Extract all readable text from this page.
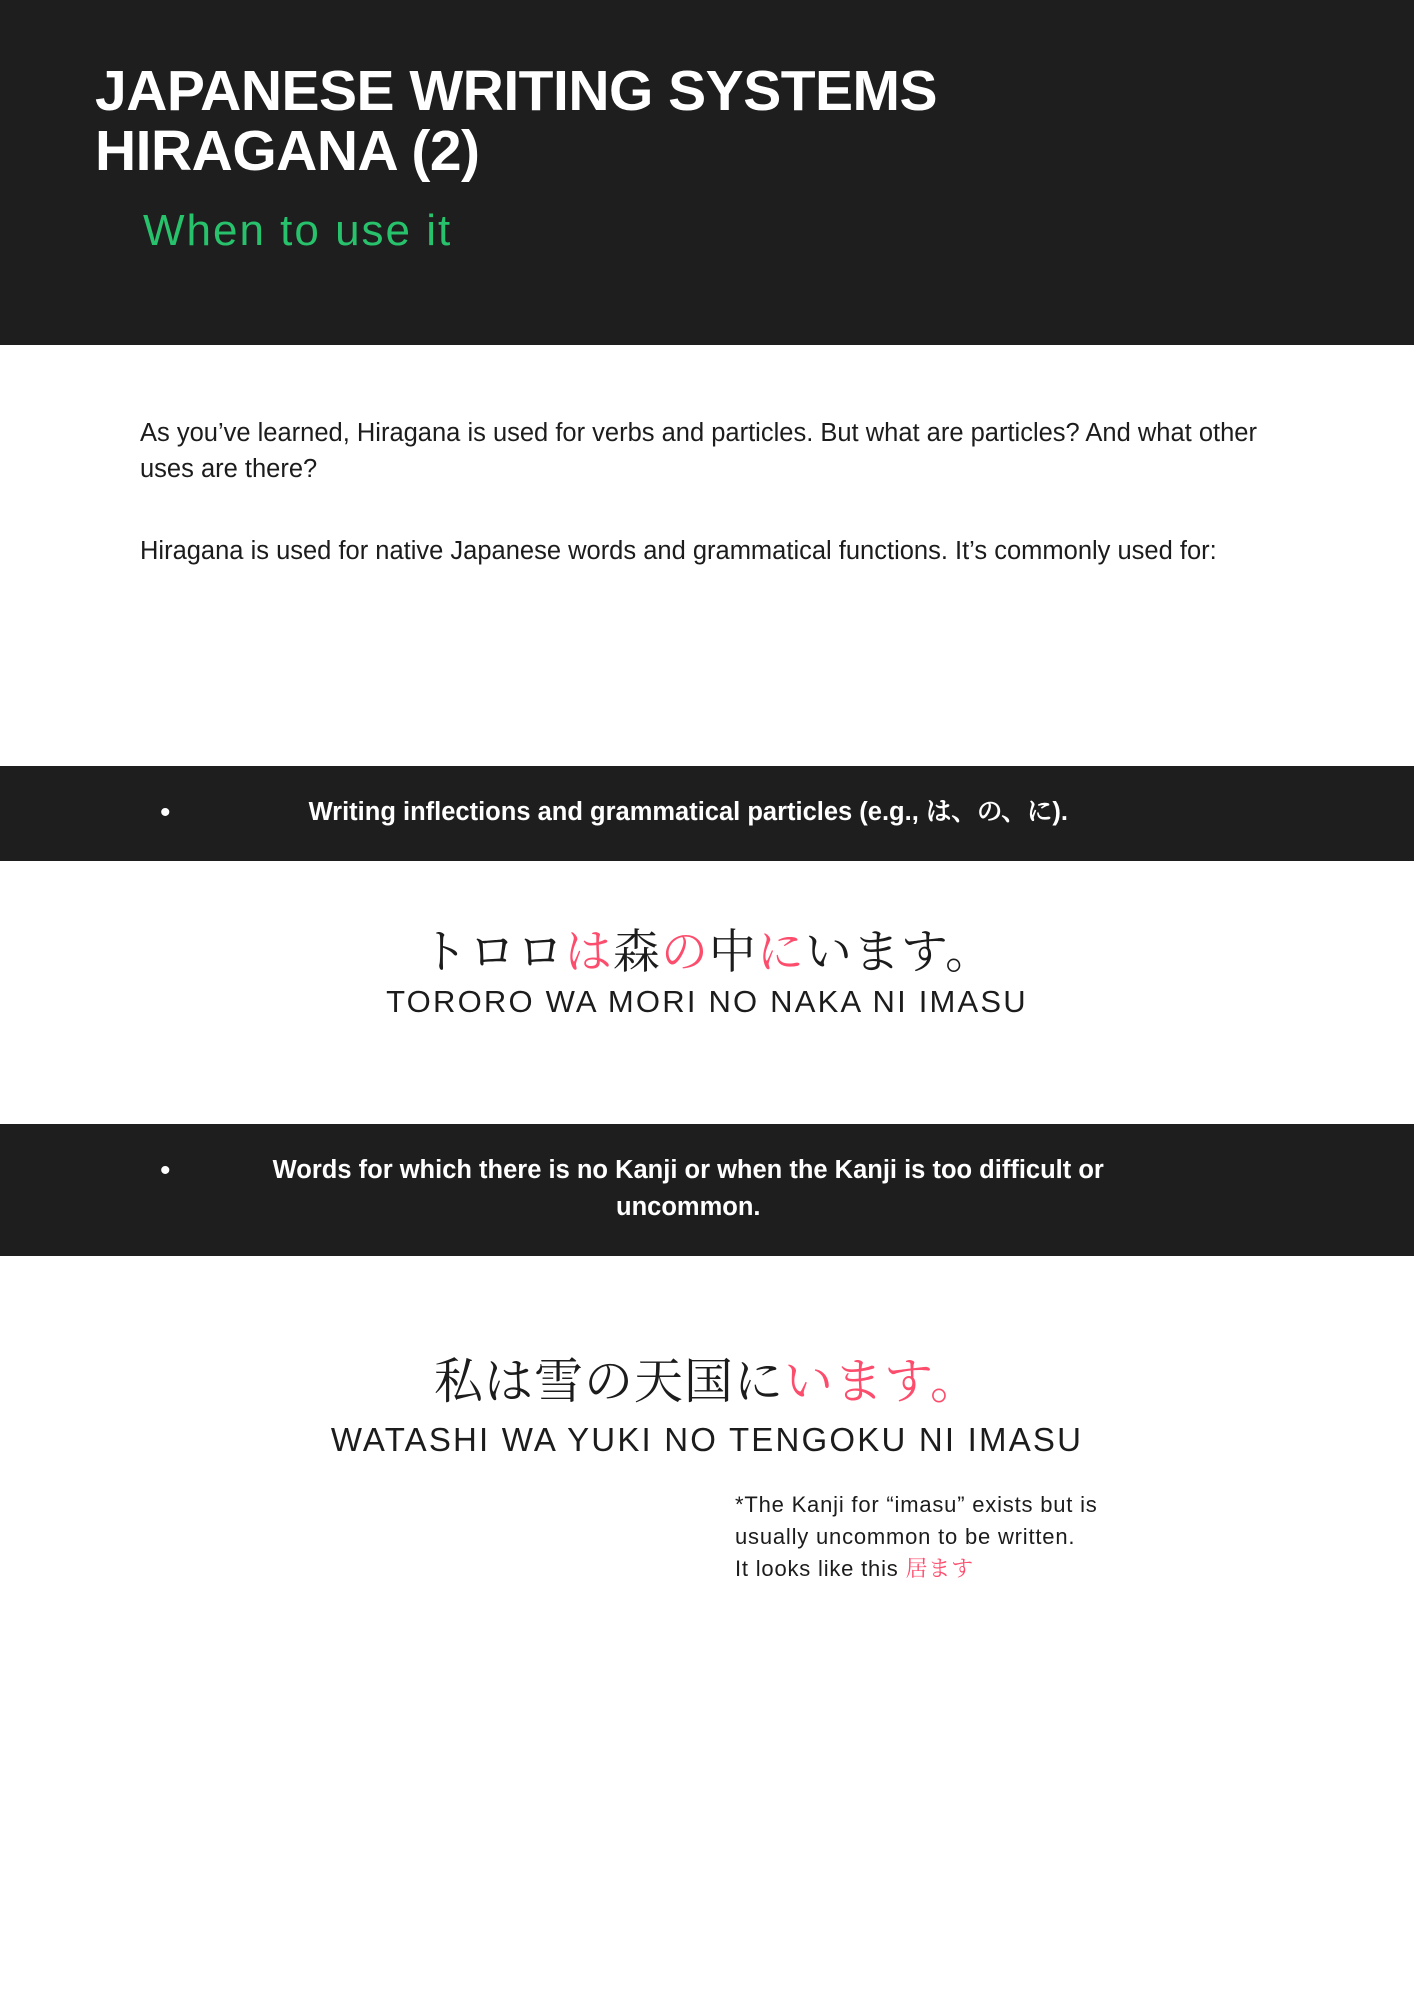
JAPANESE WRITING SYSTEMS
HIRAGANA (2)
When to use it

As you’ve learned, Hiragana is used for verbs and particles. But what are particles? And what other uses are there?

Hiragana is used for native Japanese words and grammatical functions. It’s commonly used for:

•	Writing inflections and grammatical particles (e.g., は、の、に).
トロロは森の中にいます。
TORORO WA MORI NO NAKA NI IMASU
•	Words for which there is no Kanji or when the Kanji is too difficult or uncommon.
私は雪の天国にいます。
WATASHI WA YUKI NO TENGOKU NI IMASU
*The Kanji for “imasu” exists but is
usually uncommon to be written.
It looks like this 居ます
